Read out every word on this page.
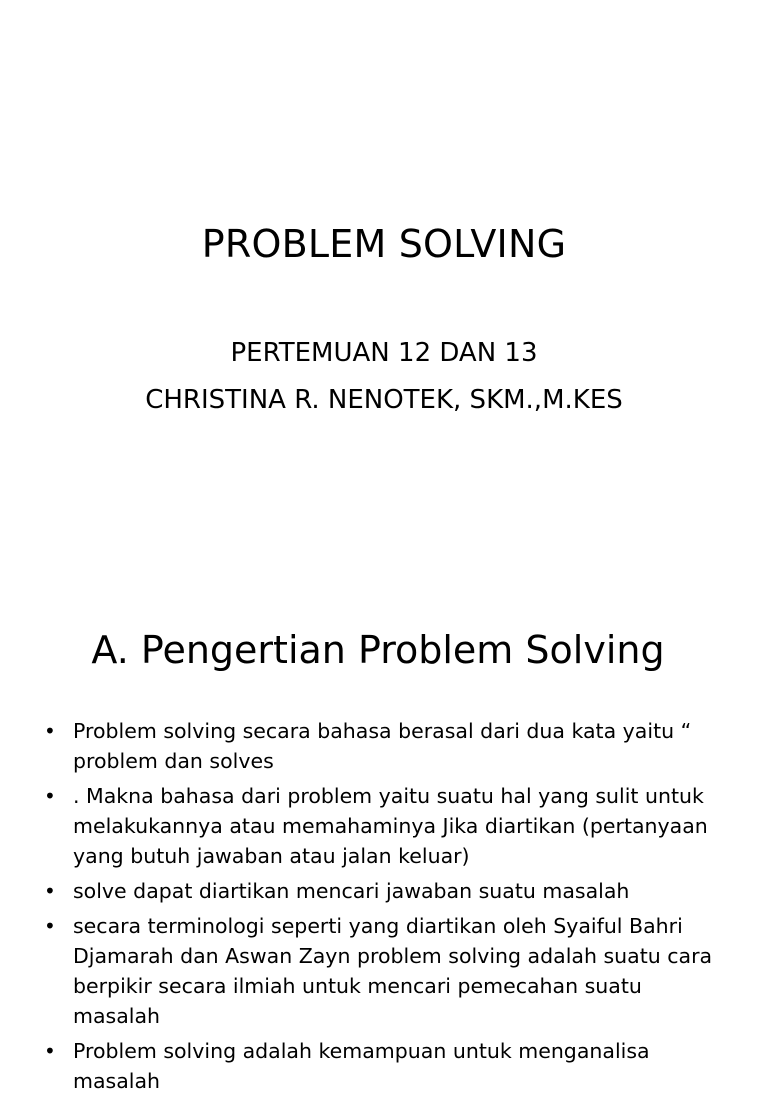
PROBLEM SOLVING
PERTEMUAN 12 DAN 13
CHRISTINA R. NENOTEK, SKM.,M.KES
A. Pengertian Problem Solving
• Problem solving secara bahasa berasal dari dua kata yaitu “ problem dan solves
• . Makna bahasa dari problem yaitu suatu hal yang sulit untuk melakukannya atau memahaminya Jika diartikan (pertanyaan yang butuh jawaban atau jalan keluar)
• solve dapat diartikan mencari jawaban suatu masalah
• secara terminologi seperti yang diartikan oleh Syaiful Bahri Djamarah dan Aswan Zayn problem solving adalah suatu cara berpikir secara ilmiah untuk mencari pemecahan suatu masalah
• Problem solving adalah kemampuan untuk menganalisa masalah
